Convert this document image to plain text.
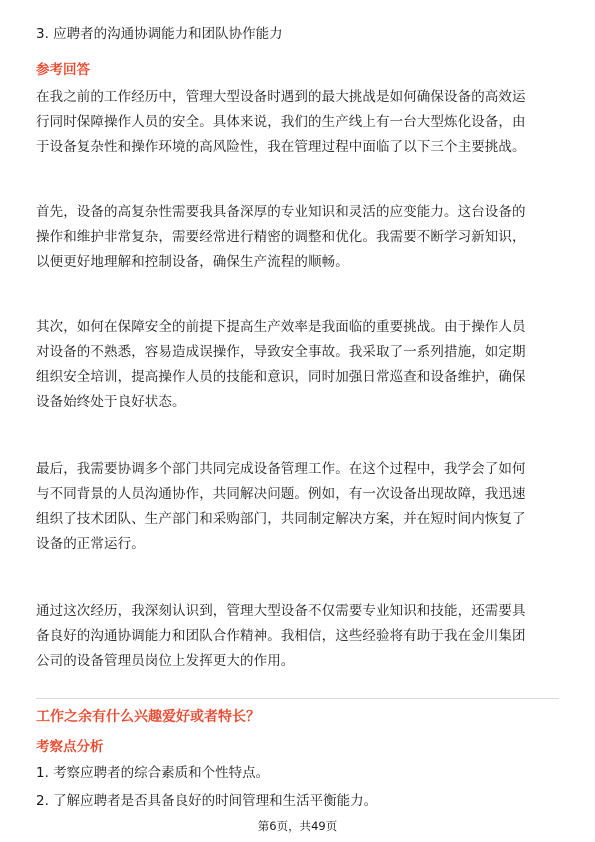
3. 应聘者的沟通协调能力和团队协作能力
参考回答
在我之前的工作经历中，管理大型设备时遇到的最大挑战是如何确保设备的高效运
行同时保障操作人员的安全。具体来说，我们的生产线上有一台大型炼化设备，由
于设备复杂性和操作环境的高风险性，我在管理过程中面临了以下三个主要挑战。
首先，设备的高复杂性需要我具备深厚的专业知识和灵活的应变能力。这台设备的
操作和维护非常复杂，需要经常进行精密的调整和优化。我需要不断学习新知识，
以便更好地理解和控制设备，确保生产流程的顺畅。
其次，如何在保障安全的前提下提高生产效率是我面临的重要挑战。由于操作人员
对设备的不熟悉，容易造成误操作，导致安全事故。我采取了一系列措施，如定期
组织安全培训，提高操作人员的技能和意识，同时加强日常巡查和设备维护，确保
设备始终处于良好状态。
最后，我需要协调多个部门共同完成设备管理工作。在这个过程中，我学会了如何
与不同背景的人员沟通协作，共同解决问题。例如，有一次设备出现故障，我迅速
组织了技术团队、生产部门和采购部门，共同制定解决方案，并在短时间内恢复了
设备的正常运行。
通过这次经历，我深刻认识到，管理大型设备不仅需要专业知识和技能，还需要具
备良好的沟通协调能力和团队合作精神。我相信，这些经验将有助于我在金川集团
公司的设备管理员岗位上发挥更大的作用。
工作之余有什么兴趣爱好或者特长？
考察点分析
1. 考察应聘者的综合素质和个性特点。
2. 了解应聘者是否具备良好的时间管理和生活平衡能力。
第6页，共49页
